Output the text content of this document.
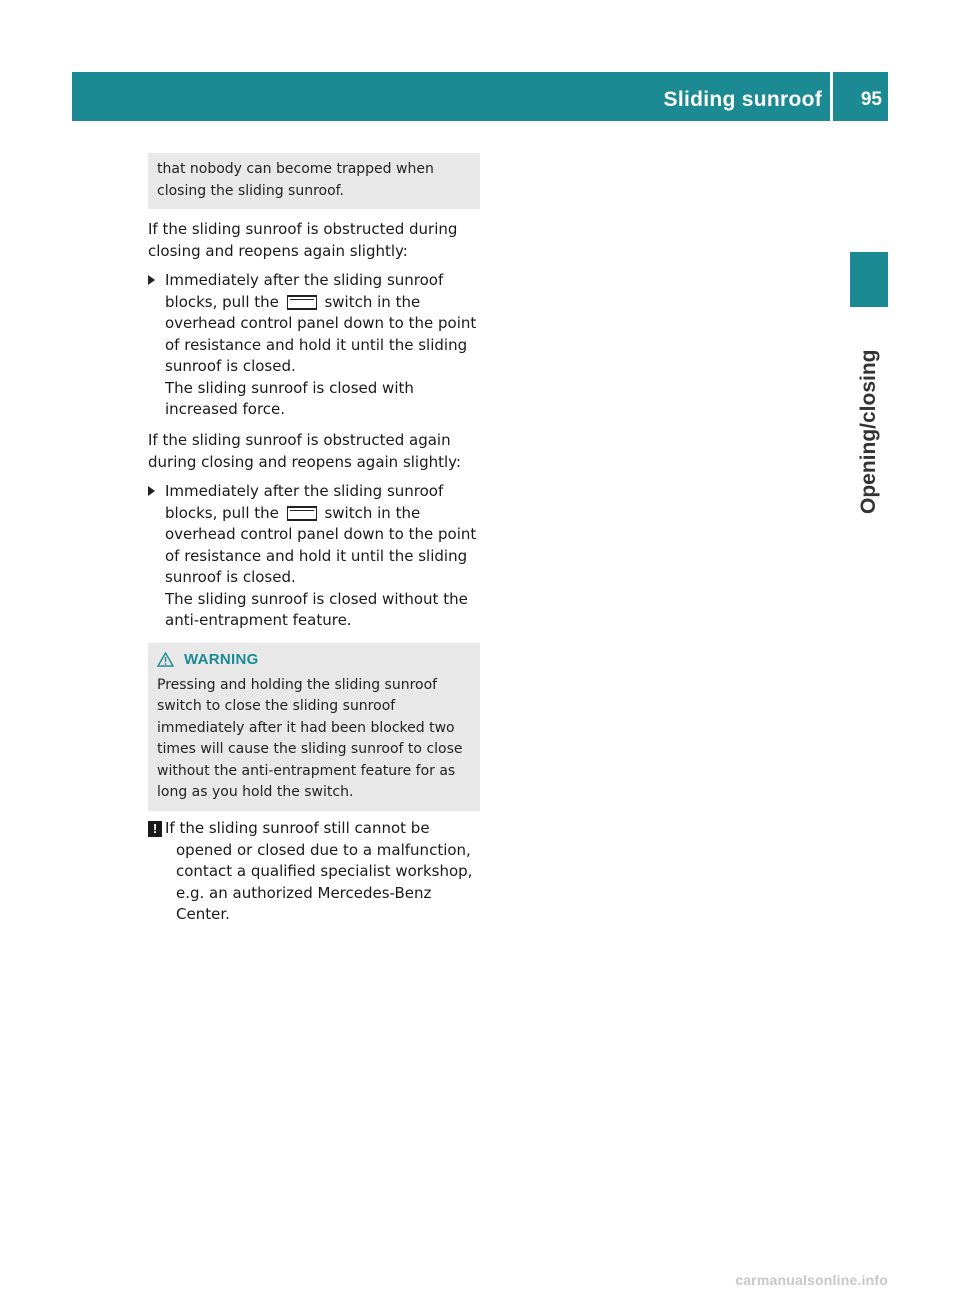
Sliding sunroof 95
Opening/closing
that nobody can become trapped when closing the sliding sunroof.
If the sliding sunroof is obstructed during closing and reopens again slightly:
Immediately after the sliding sunroof blocks, pull the	switch in the overhead control panel down to the point of resistance and hold it until the sliding sunroof is closed.
The sliding sunroof is closed with increased force.
If the sliding sunroof is obstructed again during closing and reopens again slightly:
Immediately after the sliding sunroof blocks, pull the	switch in the overhead control panel down to the point of resistance and hold it until the sliding sunroof is closed.
The sliding sunroof is closed without the anti-entrapment feature.
WARNING
Pressing and holding the sliding sunroof switch to close the sliding sunroof immediately after it had been blocked two times will cause the sliding sunroof to close without the anti-entrapment feature for as long as you hold the switch.
! If the sliding sunroof still cannot be opened or closed due to a malfunction, contact a qualified specialist workshop, e.g. an authorized Mercedes-Benz Center.
carmanualsonline.info
